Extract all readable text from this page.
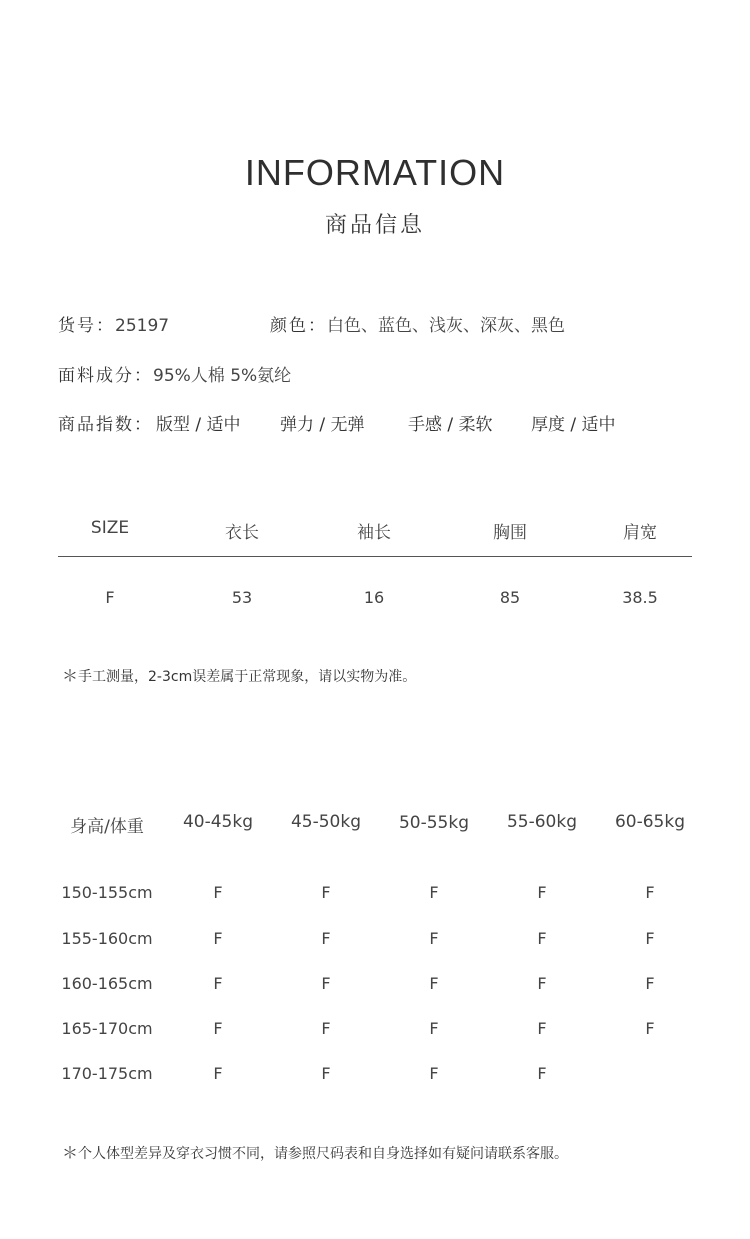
INFORMATION
商品信息
货号：25197	颜色：白色、蓝色、浅灰、深灰、黑色
面料成分：95%人棉 5%氨纶
商品指数： 版型 / 适中 弹力 / 无弹	手感 / 柔软 厚度 / 适中
SIZE	衣长	袖长	胸围	肩宽
F	53	16	85	38.5
＊手工测量，2-3cm误差属于正常现象，请以实物为准。
身高/体重 40-45kg 45-50kg 50-55kg 55-60kg 60-65kg
150-155cm	F	F	F	F	F
155-160cm	F	F	F	F	F
160-165cm	F	F	F	F	F
165-170cm	F	F	F	F	F
170-175cm	F	F	F	F
＊个人体型差异及穿衣习惯不同，请参照尺码表和自身选择如有疑问请联系客服。
